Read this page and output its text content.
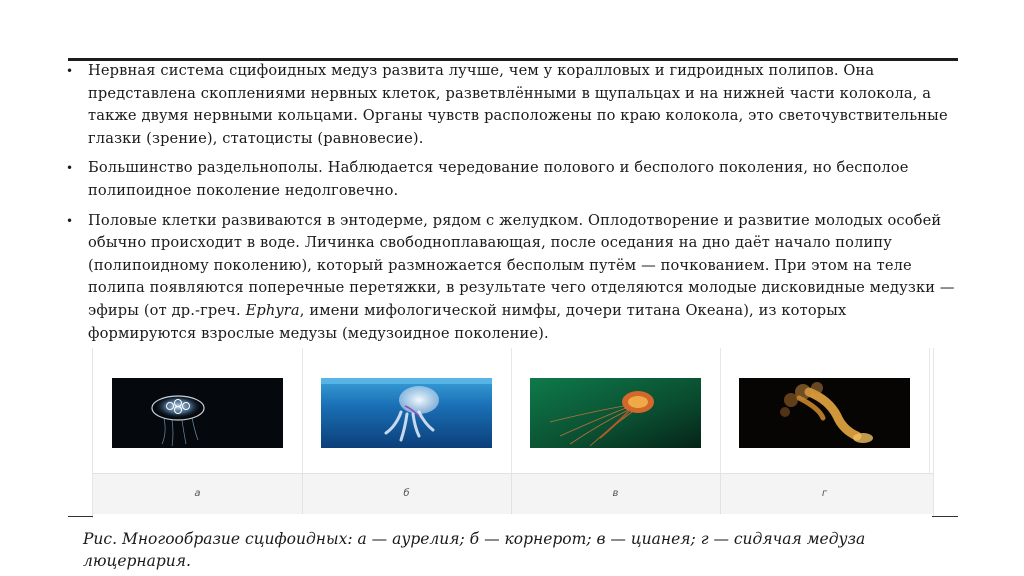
• Нервная система сцифоидных медуз развита лучше, чем у коралловых и гидроидных полипов. Она представлена скоплениями нервных клеток, разветвлёнными в щупальцах и на нижней части колокола, а также двумя нервными кольцами. Органы чувств расположены по краю колокола, это светочувствительные глазки (зрение), статоцисты (равновесие).
• Большинство раздельнополы. Наблюдается чередование полового и бесполого поколения, но бесполое полипоидное поколение недолговечно.
• Половые клетки развиваются в энтодерме, рядом с желудком. Оплодотворение и развитие молодых особей обычно происходит в воде. Личинка свободноплавающая, после оседания на дно даёт начало полипу (полипоидному поколению), который размножается бесполым путём — почкованием. При этом на теле полипа появляются поперечные перетяжки, в результате чего отделяются молодые дисковидные медузки — эфиры (от др.-греч. Ephyra, имени мифологической нимфы, дочери титана Океана), из которых формируются взрослые медузы (медузоидное поколение).
а	б	в	г
Рис. Многообразие сцифоидных: а — аурелия; б — корнерот; в — цианея; г — сидячая медуза люцернария.
